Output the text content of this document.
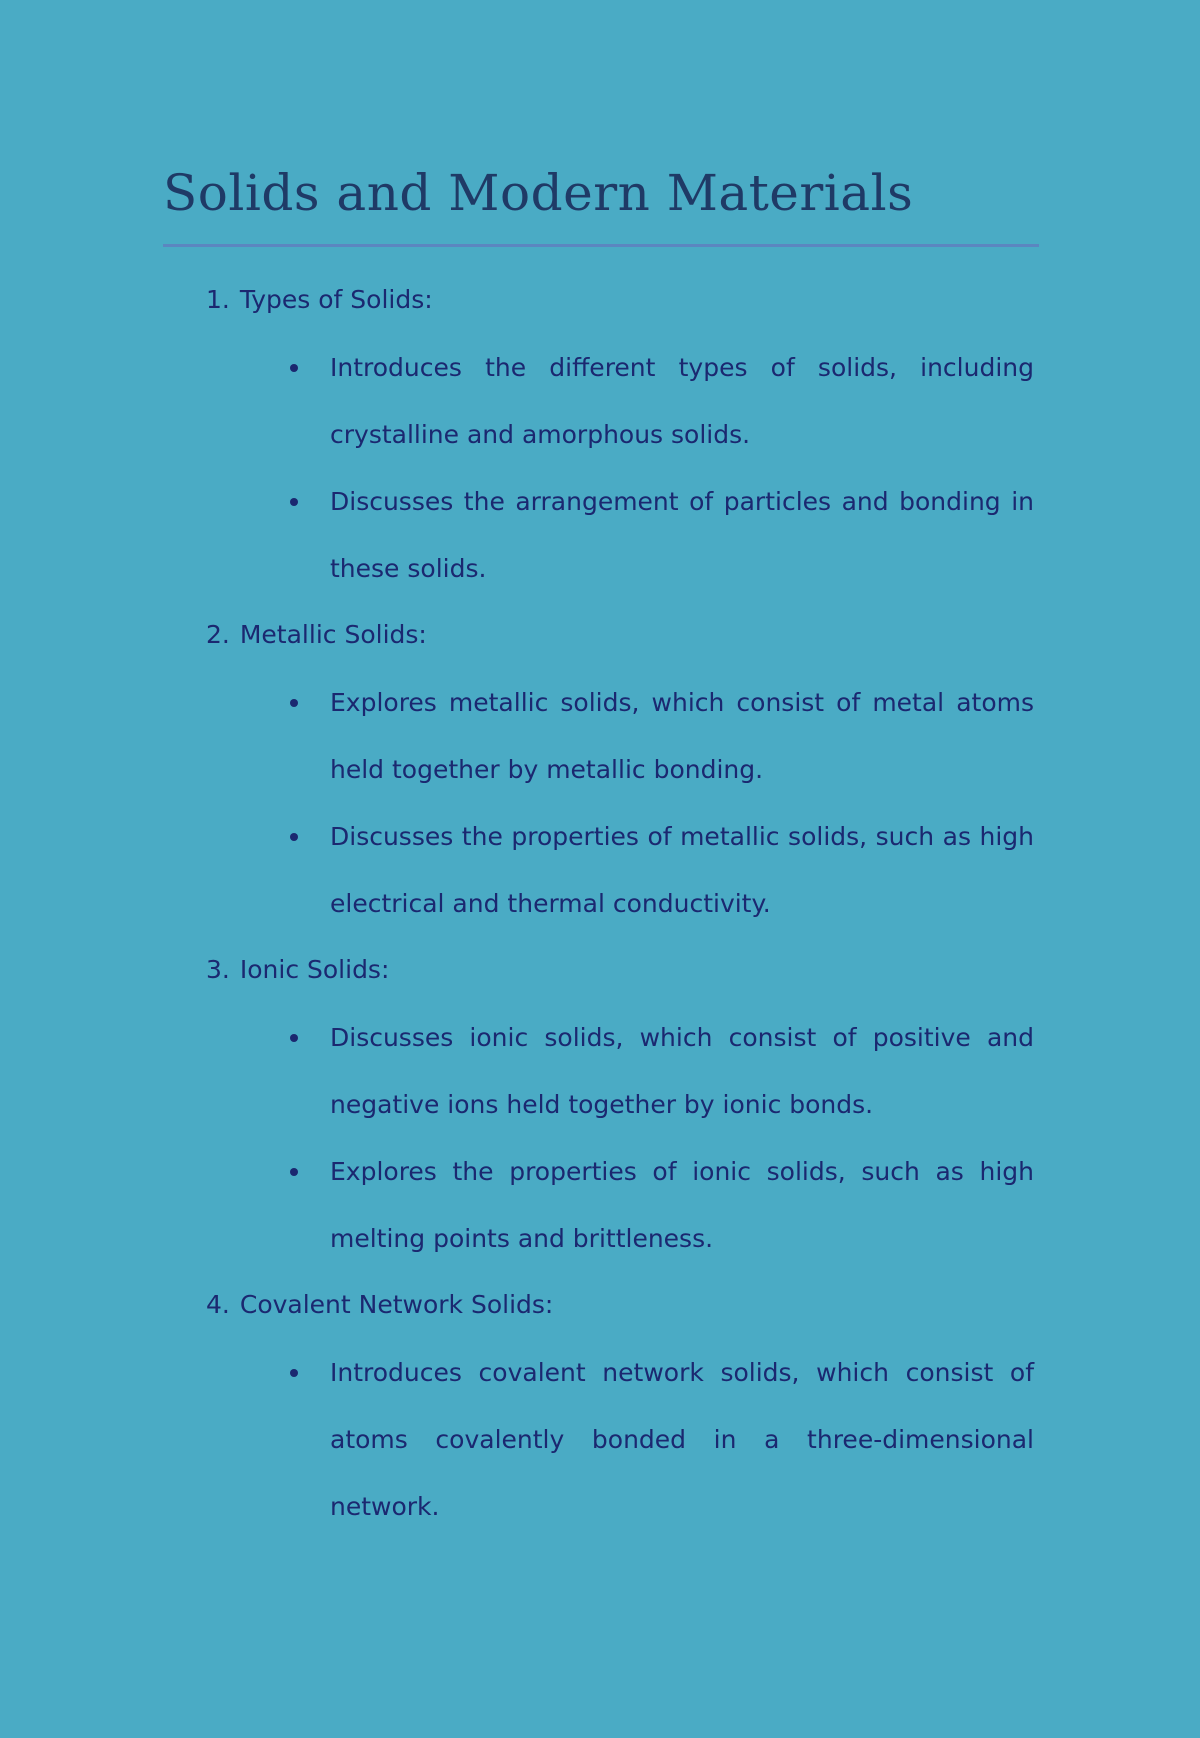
Solids and Modern Materials
1. Types of Solids:
Introduces the different types of solids, including crystalline and amorphous solids.
Discusses the arrangement of particles and bonding in these solids.
2. Metallic Solids:
Explores metallic solids, which consist of metal atoms held together by metallic bonding.
Discusses the properties of metallic solids, such as high electrical and thermal conductivity.
3. Ionic Solids:
Discusses ionic solids, which consist of positive and negative ions held together by ionic bonds.
Explores the properties of ionic solids, such as high melting points and brittleness.
4. Covalent Network Solids:
Introduces covalent network solids, which consist of atoms covalently bonded in a three-dimensional network.
